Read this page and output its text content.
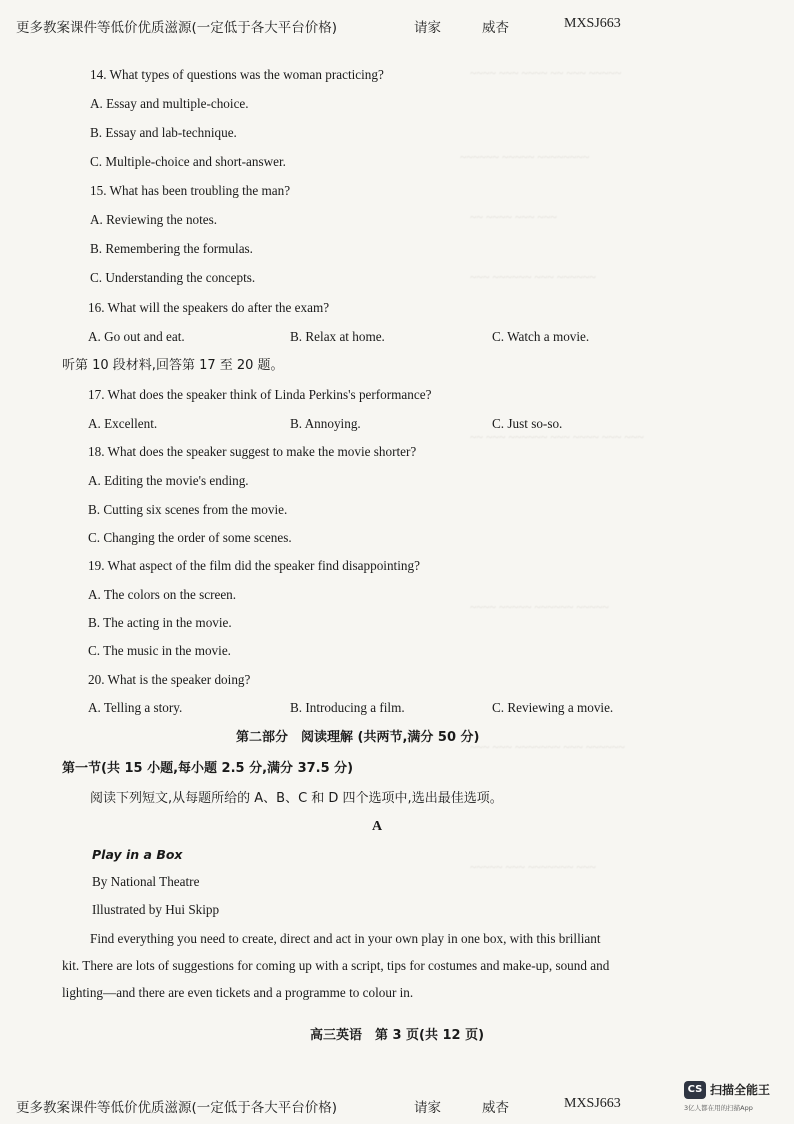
~~~~ ~~~ ~~~~ ~~ ~~~ ~~~~~
~~~~~~ ~~~~~ ~~~~~~~~
~~ ~~~~ ~~~ ~~~
~~~ ~~~~~~ ~~~ ~~~~~~
~~ ~~~ ~~~~~~ ~~~ ~~~~ ~~~ ~~~
~~~~ ~~~~~ ~~~~~~ ~~~~~
~~~ ~~~ ~~~~~~~ ~~~ ~~~~~~
~~~~~ ~~~ ~~~~~~~ ~~~
更多教案课件等低价优质滋源(一定低于各大平台价格)	请家	威杏	MXSJ663
14. What types of questions was the woman practicing?
A. Essay and multiple-choice.
B. Essay and lab-technique.
C. Multiple-choice and short-answer.
15. What has been troubling the man?
A. Reviewing the notes.
B. Remembering the formulas.
C. Understanding the concepts.
16. What will the speakers do after the exam?
A. Go out and eat.	B. Relax at home.	C. Watch a movie.
听第 10 段材料,回答第 17 至 20 题。
17. What does the speaker think of Linda Perkins's performance?
A. Excellent.	B. Annoying.	C. Just so-so.
18. What does the speaker suggest to make the movie shorter?
A. Editing the movie's ending.
B. Cutting six scenes from the movie.
C. Changing the order of some scenes.
19. What aspect of the film did the speaker find disappointing?
A. The colors on the screen.
B. The acting in the movie.
C. The music in the movie.
20. What is the speaker doing?
A. Telling a story.	B. Introducing a film.	C. Reviewing a movie.
第二部分　阅读理解 (共两节,满分 50 分)
第一节(共 15 小题,每小题 2.5 分,满分 37.5 分)
阅读下列短文,从每题所给的 A、B、C 和 D 四个选项中,选出最佳选项。
A
Play in a Box
By National Theatre
Illustrated by Hui Skipp
Find everything you need to create, direct and act in your own play in one box, with this brilliant
kit. There are lots of suggestions for coming up with a script, tips for costumes and make-up, sound and
lighting—and there are even tickets and a programme to colour in.
高三英语　第 3 页(共 12 页)
更多教案课件等低价优质滋源(一定低于各大平台价格)	请家	威杏	MXSJ663
CS 扫描全能王
3亿人都在用的扫描App
